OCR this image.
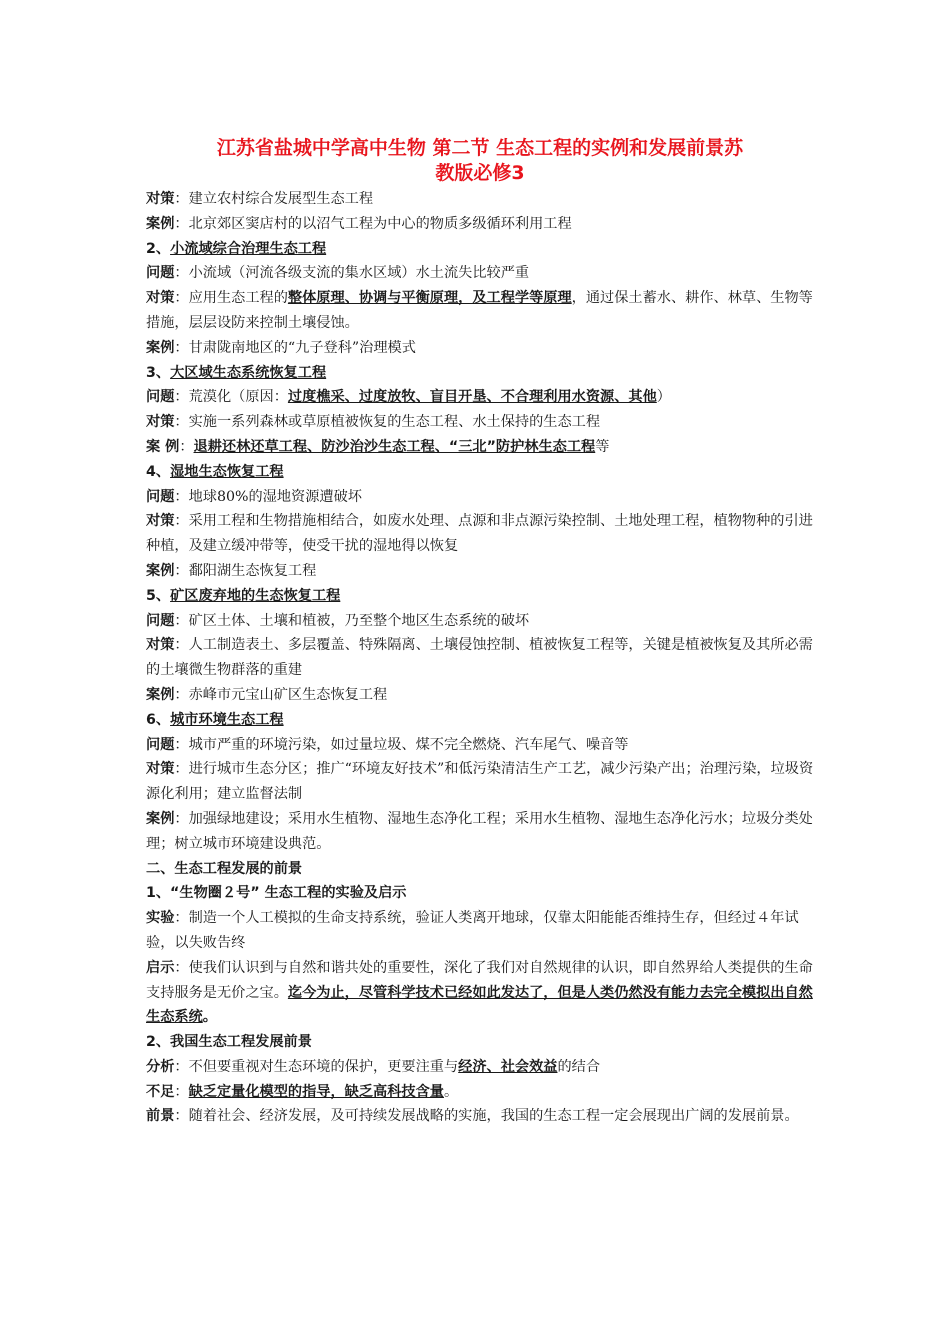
江苏省盐城中学高中生物 第二节 生态工程的实例和发展前景苏
教版必修3
对策：建立农村综合发展型生态工程
案例：北京郊区窦店村的以沼气工程为中心的物质多级循环利用工程
2、小流域综合治理生态工程
问题：小流域（河流各级支流的集水区域）水土流失比较严重
对策：应用生态工程的整体原理、协调与平衡原理，及工程学等原理，通过保土蓄水、耕作、林草、生物等措施，层层设防来控制土壤侵蚀。
案例：甘肃陇南地区的“九子登科”治理模式
3、大区域生态系统恢复工程
问题：荒漠化（原因：过度樵采、过度放牧、盲目开垦、不合理利用水资源、其他）
对策：实施一系列森林或草原植被恢复的生态工程、水土保持的生态工程
案 例：退耕还林还草工程、防沙治沙生态工程、“三北”防护林生态工程等
4、湿地生态恢复工程
问题：地球80%的湿地资源遭破坏
对策：采用工程和生物措施相结合，如废水处理、点源和非点源污染控制、土地处理工程，植物物种的引进种植，及建立缓冲带等，使受干扰的湿地得以恢复
案例：鄱阳湖生态恢复工程
5、矿区废弃地的生态恢复工程
问题：矿区土体、土壤和植被，乃至整个地区生态系统的破坏
对策：人工制造表土、多层覆盖、特殊隔离、土壤侵蚀控制、植被恢复工程等，关键是植被恢复及其所必需的土壤微生物群落的重建
案例：赤峰市元宝山矿区生态恢复工程
6、城市环境生态工程
问题：城市严重的环境污染，如过量垃圾、煤不完全燃烧、汽车尾气、噪音等
对策：进行城市生态分区；推广“环境友好技术”和低污染清洁生产工艺，减少污染产出；治理污染，垃圾资源化利用；建立监督法制
案例：加强绿地建设；采用水生植物、湿地生态净化工程；采用水生植物、湿地生态净化污水；垃圾分类处理；树立城市环境建设典范。
二、生态工程发展的前景
1、“生物圈２号” 生态工程的实验及启示
实验：制造一个人工模拟的生命支持系统，验证人类离开地球，仅靠太阳能能否维持生存，但经过４年试验，以失败告终
启示：使我们认识到与自然和谐共处的重要性，深化了我们对自然规律的认识，即自然界给人类提供的生命支持服务是无价之宝。迄今为止，尽管科学技术已经如此发达了，但是人类仍然没有能力去完全模拟出自然生态系统。
2、我国生态工程发展前景
分析：不但要重视对生态环境的保护，更要注重与经济、社会效益的结合
不足：缺乏定量化模型的指导，缺乏高科技含量。
前景：随着社会、经济发展，及可持续发展战略的实施，我国的生态工程一定会展现出广阔的发展前景。
